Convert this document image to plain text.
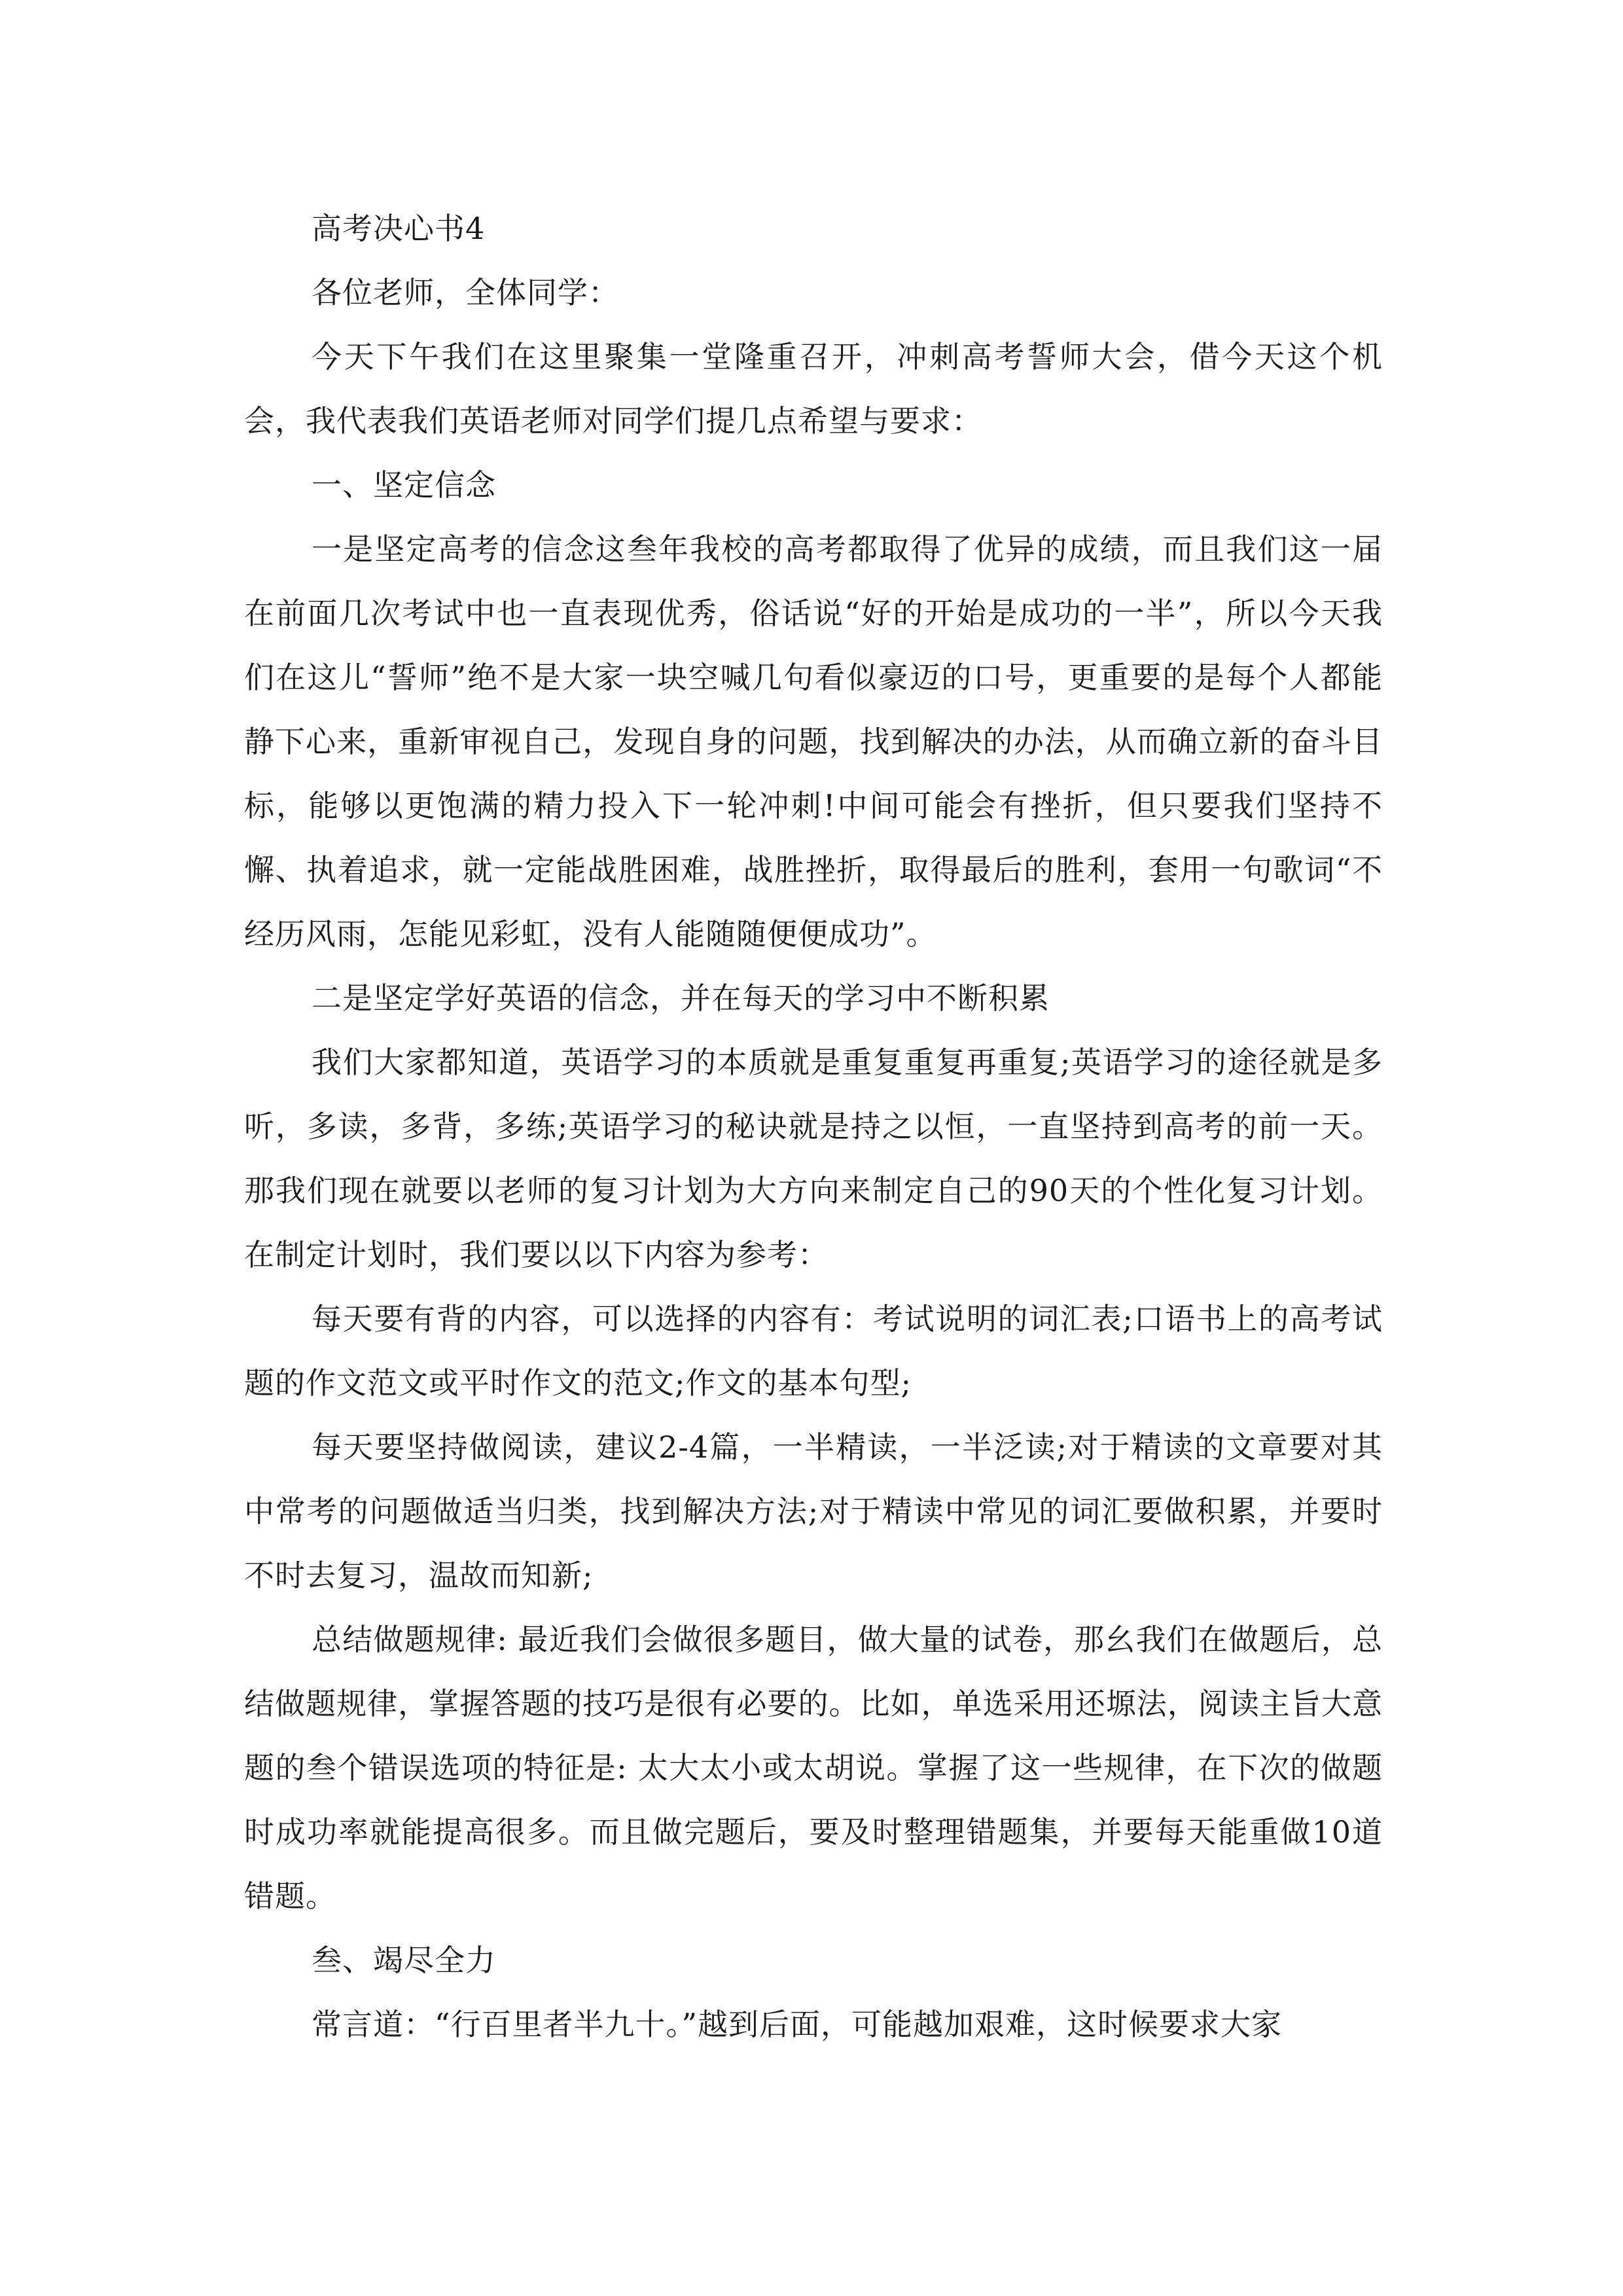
高考决心书4

各位老师，全体同学：

今天下午我们在这里聚集一堂隆重召开，冲刺高考誓师大会，借今天这个机会，我代表我们英语老师对同学们提几点希望与要求：

一、坚定信念

一是坚定高考的信念这叁年我校的高考都取得了优异的成绩，而且我们这一届在前面几次考试中也一直表现优秀，俗话说“好的开始是成功的一半”，所以今天我们在这儿“誓师”绝不是大家一块空喊几句看似豪迈的口号，更重要的是每个人都能静下心来，重新审视自己，发现自身的问题，找到解决的办法，从而确立新的奋斗目标，能够以更饱满的精力投入下一轮冲刺!中间可能会有挫折，但只要我们坚持不懈、执着追求，就一定能战胜困难，战胜挫折，取得最后的胜利，套用一句歌词“不经历风雨，怎能见彩虹，没有人能随随便便成功”。

二是坚定学好英语的信念，并在每天的学习中不断积累

我们大家都知道，英语学习的本质就是重复重复再重复;英语学习的途径就是多听，多读，多背，多练;英语学习的秘诀就是持之以恒，一直坚持到高考的前一天。那我们现在就要以老师的复习计划为大方向来制定自己的90天的个性化复习计划。在制定计划时，我们要以以下内容为参考：

每天要有背的内容，可以选择的内容有：考试说明的词汇表;口语书上的高考试题的作文范文或平时作文的范文;作文的基本句型;

每天要坚持做阅读，建议2-4篇，一半精读，一半泛读;对于精读的文章要对其中常考的问题做适当归类，找到解决方法;对于精读中常见的词汇要做积累，并要时不时去复习，温故而知新;

总结做题规律: 最近我们会做很多题目，做大量的试卷，那幺我们在做题后，总结做题规律，掌握答题的技巧是很有必要的。比如，单选采用还塬法，阅读主旨大意题的叁个错误选项的特征是: 太大太小或太胡说。掌握了这一些规律，在下次的做题时成功率就能提高很多。而且做完题后，要及时整理错题集，并要每天能重做10道错题。

叁、竭尽全力

常言道：“行百里者半九十。”越到后面，可能越加艰难，这时候要求大家
